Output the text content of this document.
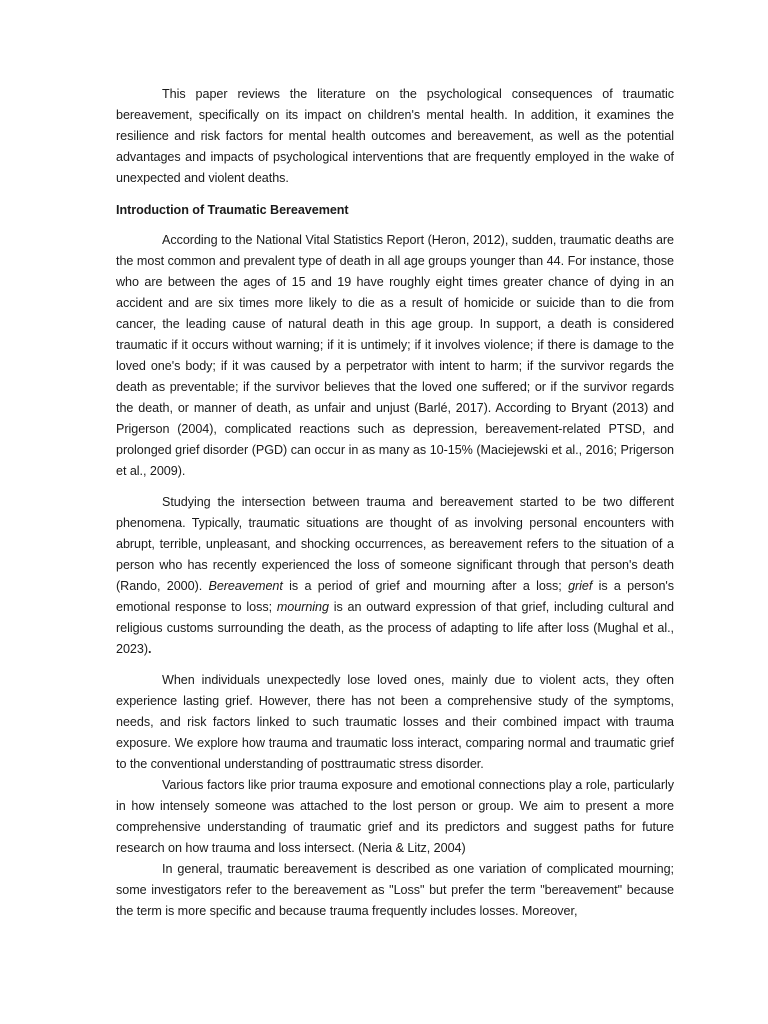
This paper reviews the literature on the psychological consequences of traumatic bereavement, specifically on its impact on children's mental health. In addition, it examines the resilience and risk factors for mental health outcomes and bereavement, as well as the potential advantages and impacts of psychological interventions that are frequently employed in the wake of unexpected and violent deaths.

Introduction of Traumatic Bereavement

According to the National Vital Statistics Report (Heron, 2012), sudden, traumatic deaths are the most common and prevalent type of death in all age groups younger than 44. For instance, those who are between the ages of 15 and 19 have roughly eight times greater chance of dying in an accident and are six times more likely to die as a result of homicide or suicide than to die from cancer, the leading cause of natural death in this age group. In support, a death is considered traumatic if it occurs without warning; if it is untimely; if it involves violence; if there is damage to the loved one's body; if it was caused by a perpetrator with intent to harm; if the survivor regards the death as preventable; if the survivor believes that the loved one suffered; or if the survivor regards the death, or manner of death, as unfair and unjust (Barlé, 2017). According to Bryant (2013) and Prigerson (2004), complicated reactions such as depression, bereavement-related PTSD, and prolonged grief disorder (PGD) can occur in as many as 10-15% (Maciejewski et al., 2016; Prigerson et al., 2009).

Studying the intersection between trauma and bereavement started to be two different phenomena. Typically, traumatic situations are thought of as involving personal encounters with abrupt, terrible, unpleasant, and shocking occurrences, as bereavement refers to the situation of a person who has recently experienced the loss of someone significant through that person's death (Rando, 2000). Bereavement is a period of grief and mourning after a loss; grief is a person's emotional response to loss; mourning is an outward expression of that grief, including cultural and religious customs surrounding the death, as the process of adapting to life after loss (Mughal et al., 2023).

When individuals unexpectedly lose loved ones, mainly due to violent acts, they often experience lasting grief. However, there has not been a comprehensive study of the symptoms, needs, and risk factors linked to such traumatic losses and their combined impact with trauma exposure. We explore how trauma and traumatic loss interact, comparing normal and traumatic grief to the conventional understanding of posttraumatic stress disorder.

Various factors like prior trauma exposure and emotional connections play a role, particularly in how intensely someone was attached to the lost person or group. We aim to present a more comprehensive understanding of traumatic grief and its predictors and suggest paths for future research on how trauma and loss intersect. (Neria & Litz, 2004)

In general, traumatic bereavement is described as one variation of complicated mourning; some investigators refer to the bereavement as "Loss" but prefer the term "bereavement" because the term is more specific and because trauma frequently includes losses. Moreover,
